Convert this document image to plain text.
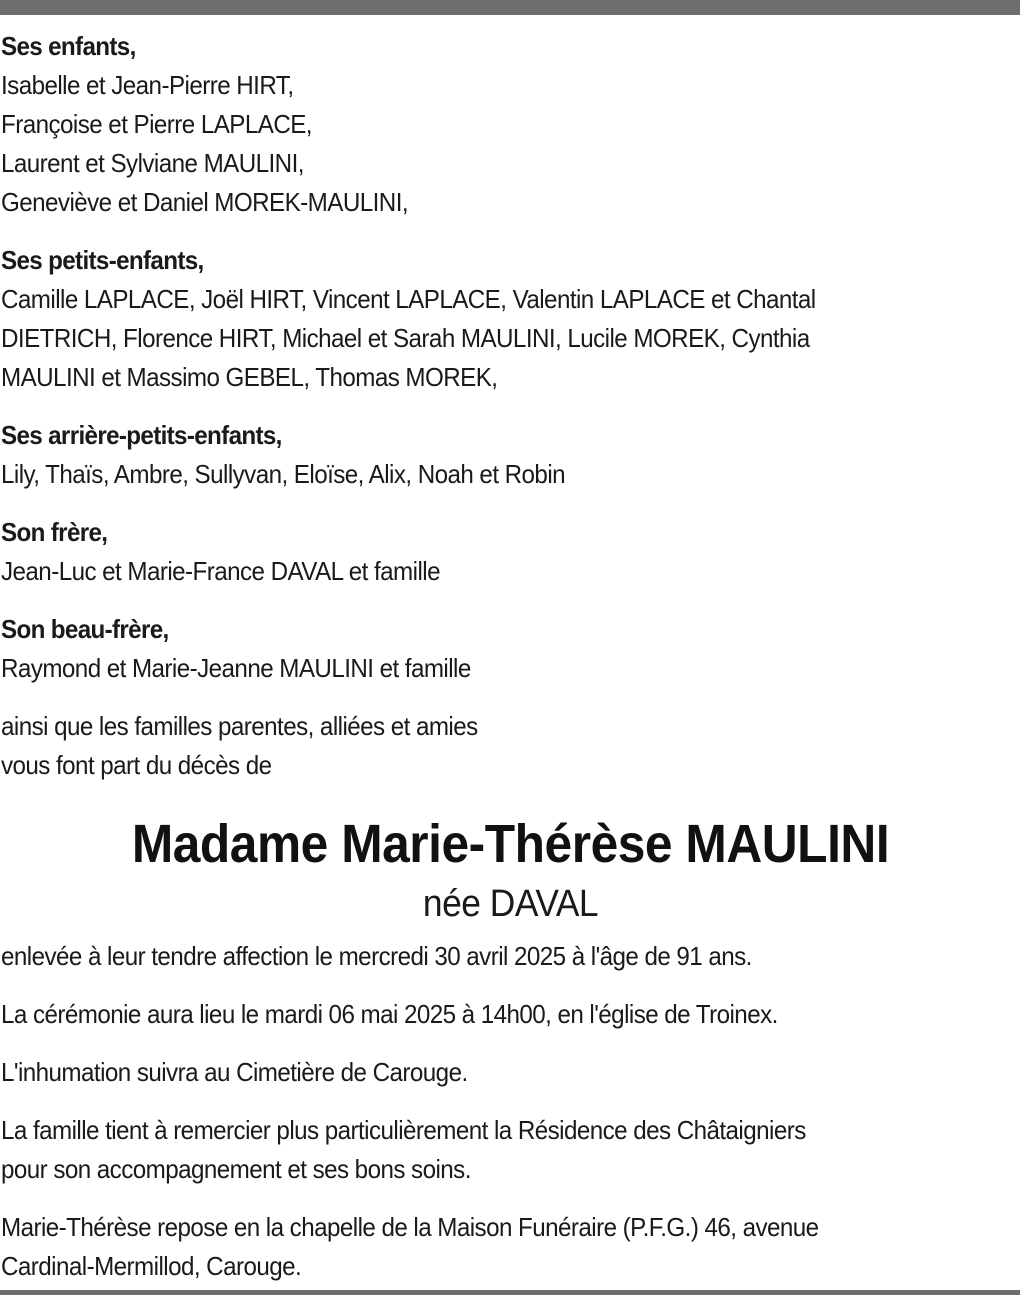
Ses enfants,
Isabelle et Jean-Pierre HIRT,
Françoise et Pierre LAPLACE,
Laurent et Sylviane MAULINI,
Geneviève et Daniel MOREK-MAULINI,
Ses petits-enfants,
Camille LAPLACE, Joël HIRT, Vincent LAPLACE, Valentin LAPLACE et Chantal
DIETRICH, Florence HIRT, Michael et Sarah MAULINI, Lucile MOREK, Cynthia
MAULINI et Massimo GEBEL, Thomas MOREK,
Ses arrière-petits-enfants,
Lily, Thaïs, Ambre, Sullyvan, Eloïse, Alix, Noah et Robin
Son frère,
Jean-Luc et Marie-France DAVAL et famille
Son beau-frère,
Raymond et Marie-Jeanne MAULINI et famille
ainsi que les familles parentes, alliées et amies
vous font part du décès de
Madame Marie-Thérèse MAULINI
née DAVAL
enlevée à leur tendre affection le mercredi 30 avril 2025 à l'âge de 91 ans.
La cérémonie aura lieu le mardi 06 mai 2025 à 14h00, en l'église de Troinex.
L'inhumation suivra au Cimetière de Carouge.
La famille tient à remercier plus particulièrement la Résidence des Châtaigniers
pour son accompagnement et ses bons soins.
Marie-Thérèse repose en la chapelle de la Maison Funéraire (P.F.G.) 46, avenue
Cardinal-Mermillod, Carouge.
